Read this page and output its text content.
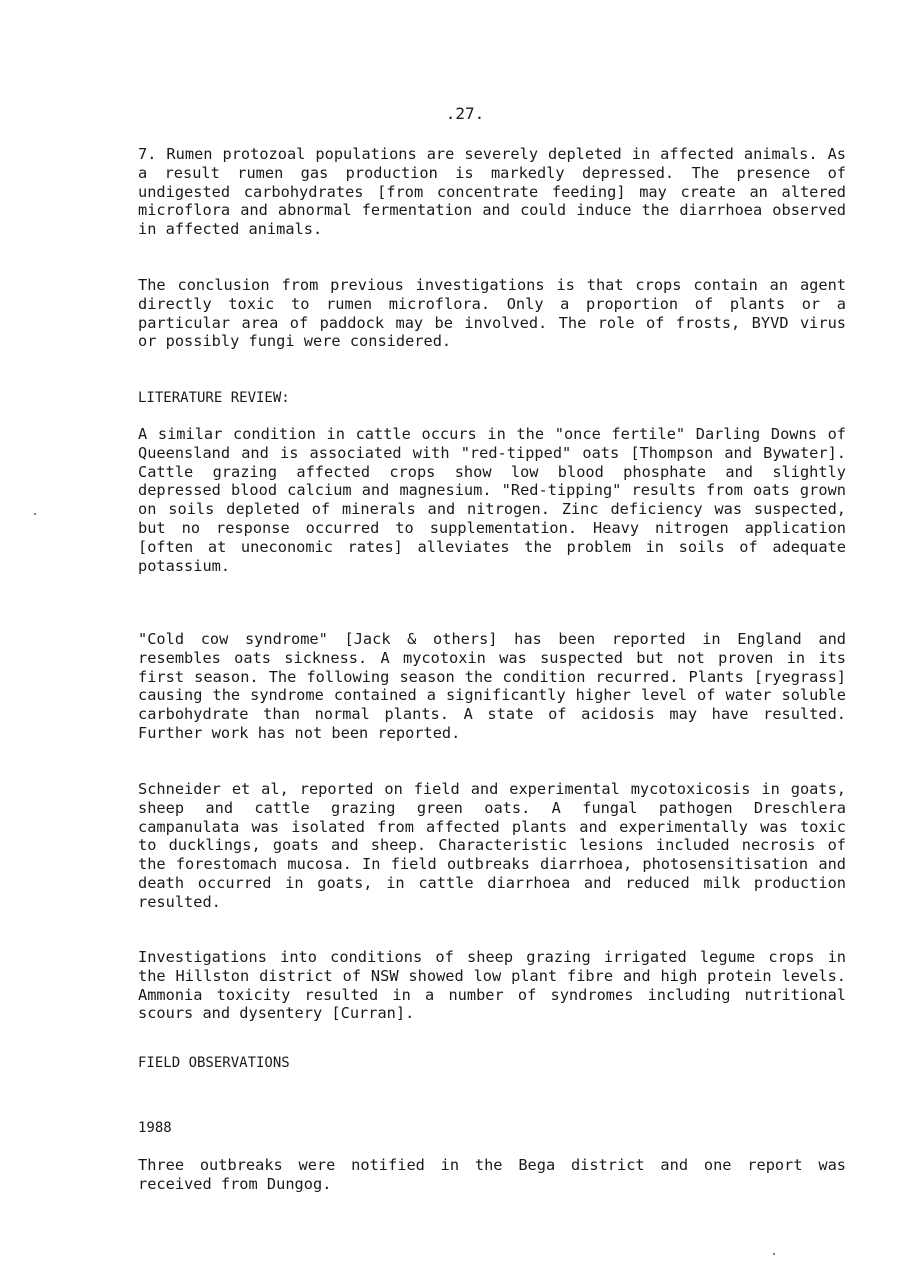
.27.

7. Rumen protozoal populations are severely depleted in affected animals. As a result rumen gas production is markedly depressed. The presence of undigested carbohydrates [from concentrate feeding] may create an altered microflora and abnormal fermentation and could induce the diarrhoea observed in affected animals.

The conclusion from previous investigations is that crops contain an agent directly toxic to rumen microflora. Only a proportion of plants or a particular area of paddock may be involved. The role of frosts, BYVD virus or possibly fungi were considered.

LITERATURE REVIEW:

A similar condition in cattle occurs in the "once fertile" Darling Downs of Queensland and is associated with "red-tipped" oats [Thompson and Bywater]. Cattle grazing affected crops show low blood phosphate and slightly depressed blood calcium and magnesium. "Red-tipping" results from oats grown on soils depleted of minerals and nitrogen. Zinc deficiency was suspected, but no response occurred to supplementation. Heavy nitrogen application [often at uneconomic rates] alleviates the problem in soils of adequate potassium.

"Cold cow syndrome" [Jack & others] has been reported in England and resembles oats sickness. A mycotoxin was suspected but not proven in its first season. The following season the condition recurred. Plants [ryegrass] causing the syndrome contained a significantly higher level of water soluble carbohydrate than normal plants. A state of acidosis may have resulted. Further work has not been reported.

Schneider et al, reported on field and experimental mycotoxicosis in goats, sheep and cattle grazing green oats. A fungal pathogen Dreschlera campanulata was isolated from affected plants and experimentally was toxic to ducklings, goats and sheep. Characteristic lesions included necrosis of the forestomach mucosa. In field outbreaks diarrhoea, photosensitisation and death occurred in goats, in cattle diarrhoea and reduced milk production resulted.

Investigations into conditions of sheep grazing irrigated legume crops in the Hillston district of NSW showed low plant fibre and high protein levels. Ammonia toxicity resulted in a number of syndromes including nutritional scours and dysentery [Curran].

FIELD OBSERVATIONS
1988

Three outbreaks were notified in the Bega district and one report was received from Dungog.
